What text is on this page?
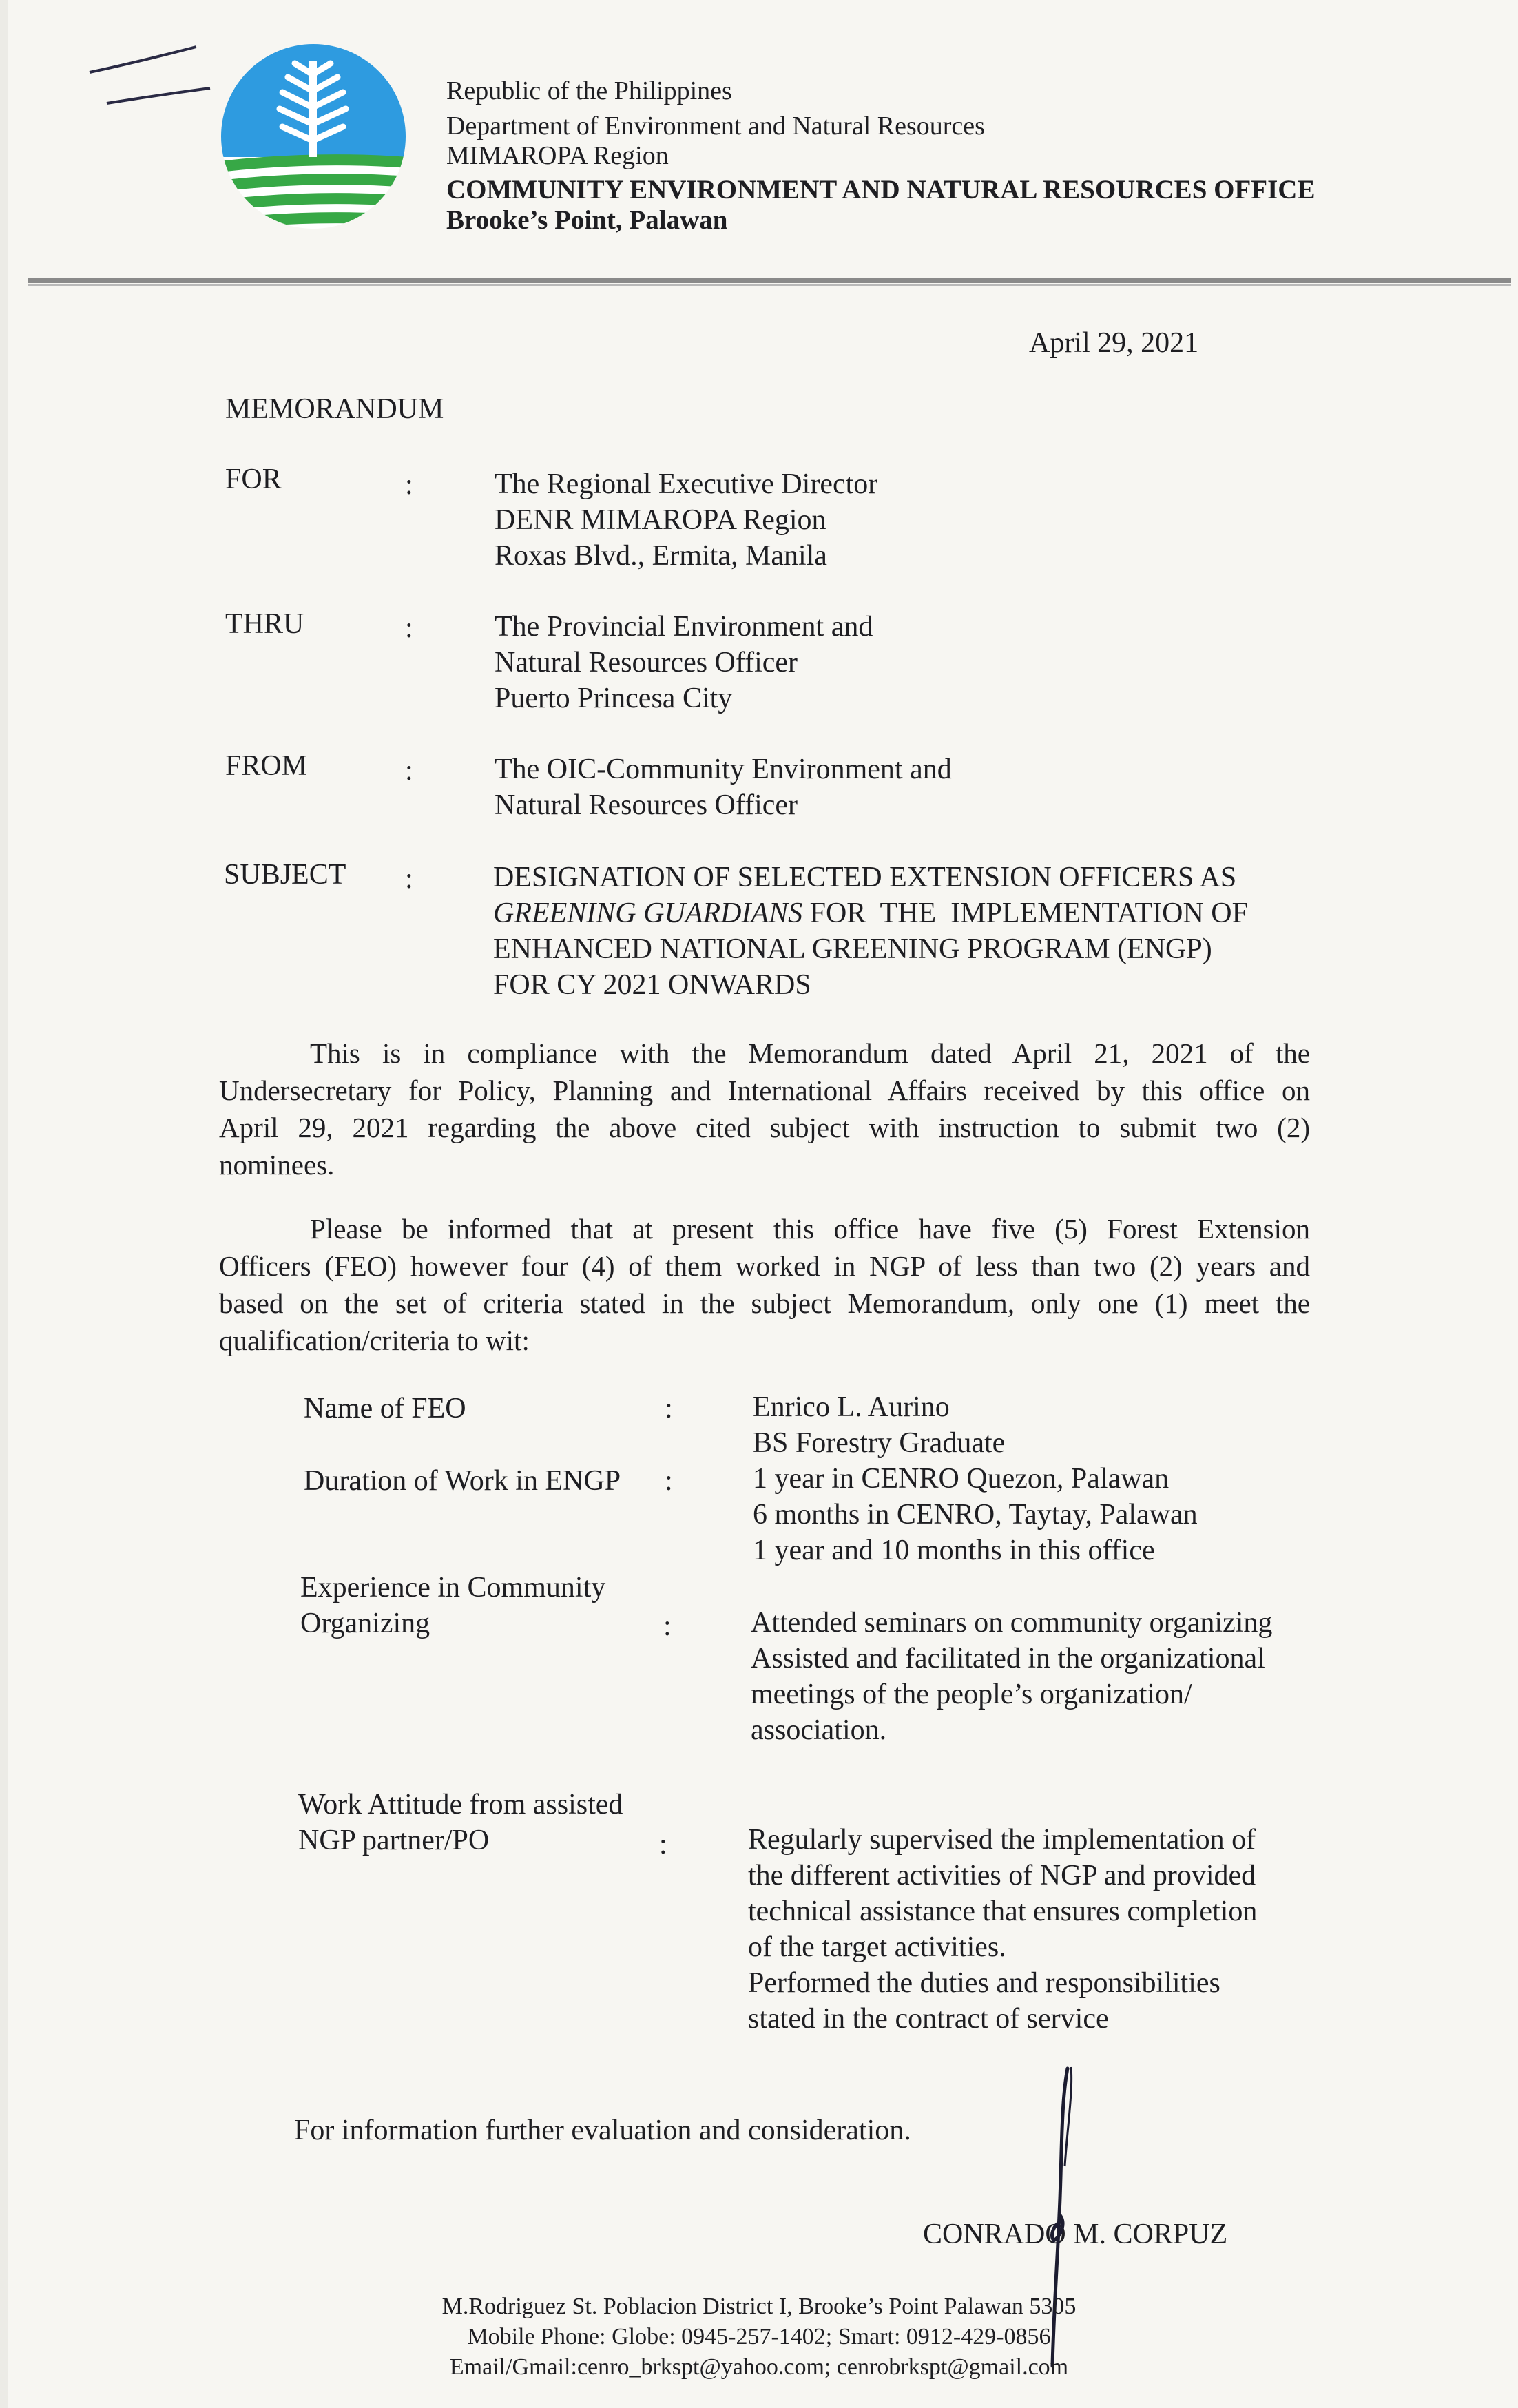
Republic of the Philippines
Department of Environment and Natural Resources
MIMAROPA Region
COMMUNITY ENVIRONMENT AND NATURAL RESOURCES OFFICE
Brooke’s Point, Palawan
April 29, 2021
MEMORANDUM
FOR	:	The Regional Executive Director
DENR MIMAROPA Region
Roxas Blvd., Ermita, Manila
THRU	:	The Provincial Environment and
Natural Resources Officer
Puerto Princesa City
FROM	:	The OIC-Community Environment and
Natural Resources Officer
SUBJECT :	DESIGNATION OF SELECTED EXTENSION OFFICERS AS
GREENING GUARDIANS FOR  THE  IMPLEMENTATION OF
ENHANCED NATIONAL GREENING PROGRAM (ENGP)
FOR CY 2021 ONWARDS
This is in compliance with the Memorandum dated April 21, 2021 of the
Undersecretary for Policy, Planning and International Affairs received by this office on
April 29, 2021 regarding the above cited subject with instruction to submit two (2)
nominees.
Please be informed that at present this office have five (5) Forest Extension
Officers (FEO) however four (4) of them worked in NGP of less than two (2) years and
based on the set of criteria stated in the subject Memorandum, only one (1) meet the
qualification/criteria to wit:
Name of FEO	:	Enrico L. Aurino
BS Forestry Graduate
Duration of Work in ENGP :	1 year in CENRO Quezon, Palawan
6 months in CENRO, Taytay, Palawan
1 year and 10 months in this office
Experience in Community
Organizing	:	Attended seminars on community organizing
Assisted and facilitated in the organizational
meetings of the people’s organization/
association.
Work Attitude from assisted
NGP partner/PO	:	Regularly supervised the implementation of
the different activities of NGP and provided
technical assistance that ensures completion
of the target activities.
Performed the duties and responsibilities
stated in the contract of service
For information further evaluation and consideration.
CONRADO M. CORPUZ
M.Rodriguez St. Poblacion District I, Brooke’s Point Palawan 5305
Mobile Phone: Globe: 0945-257-1402; Smart: 0912-429-0856
Email/Gmail:cenro_brkspt@yahoo.com; cenrobrkspt@gmail.com
